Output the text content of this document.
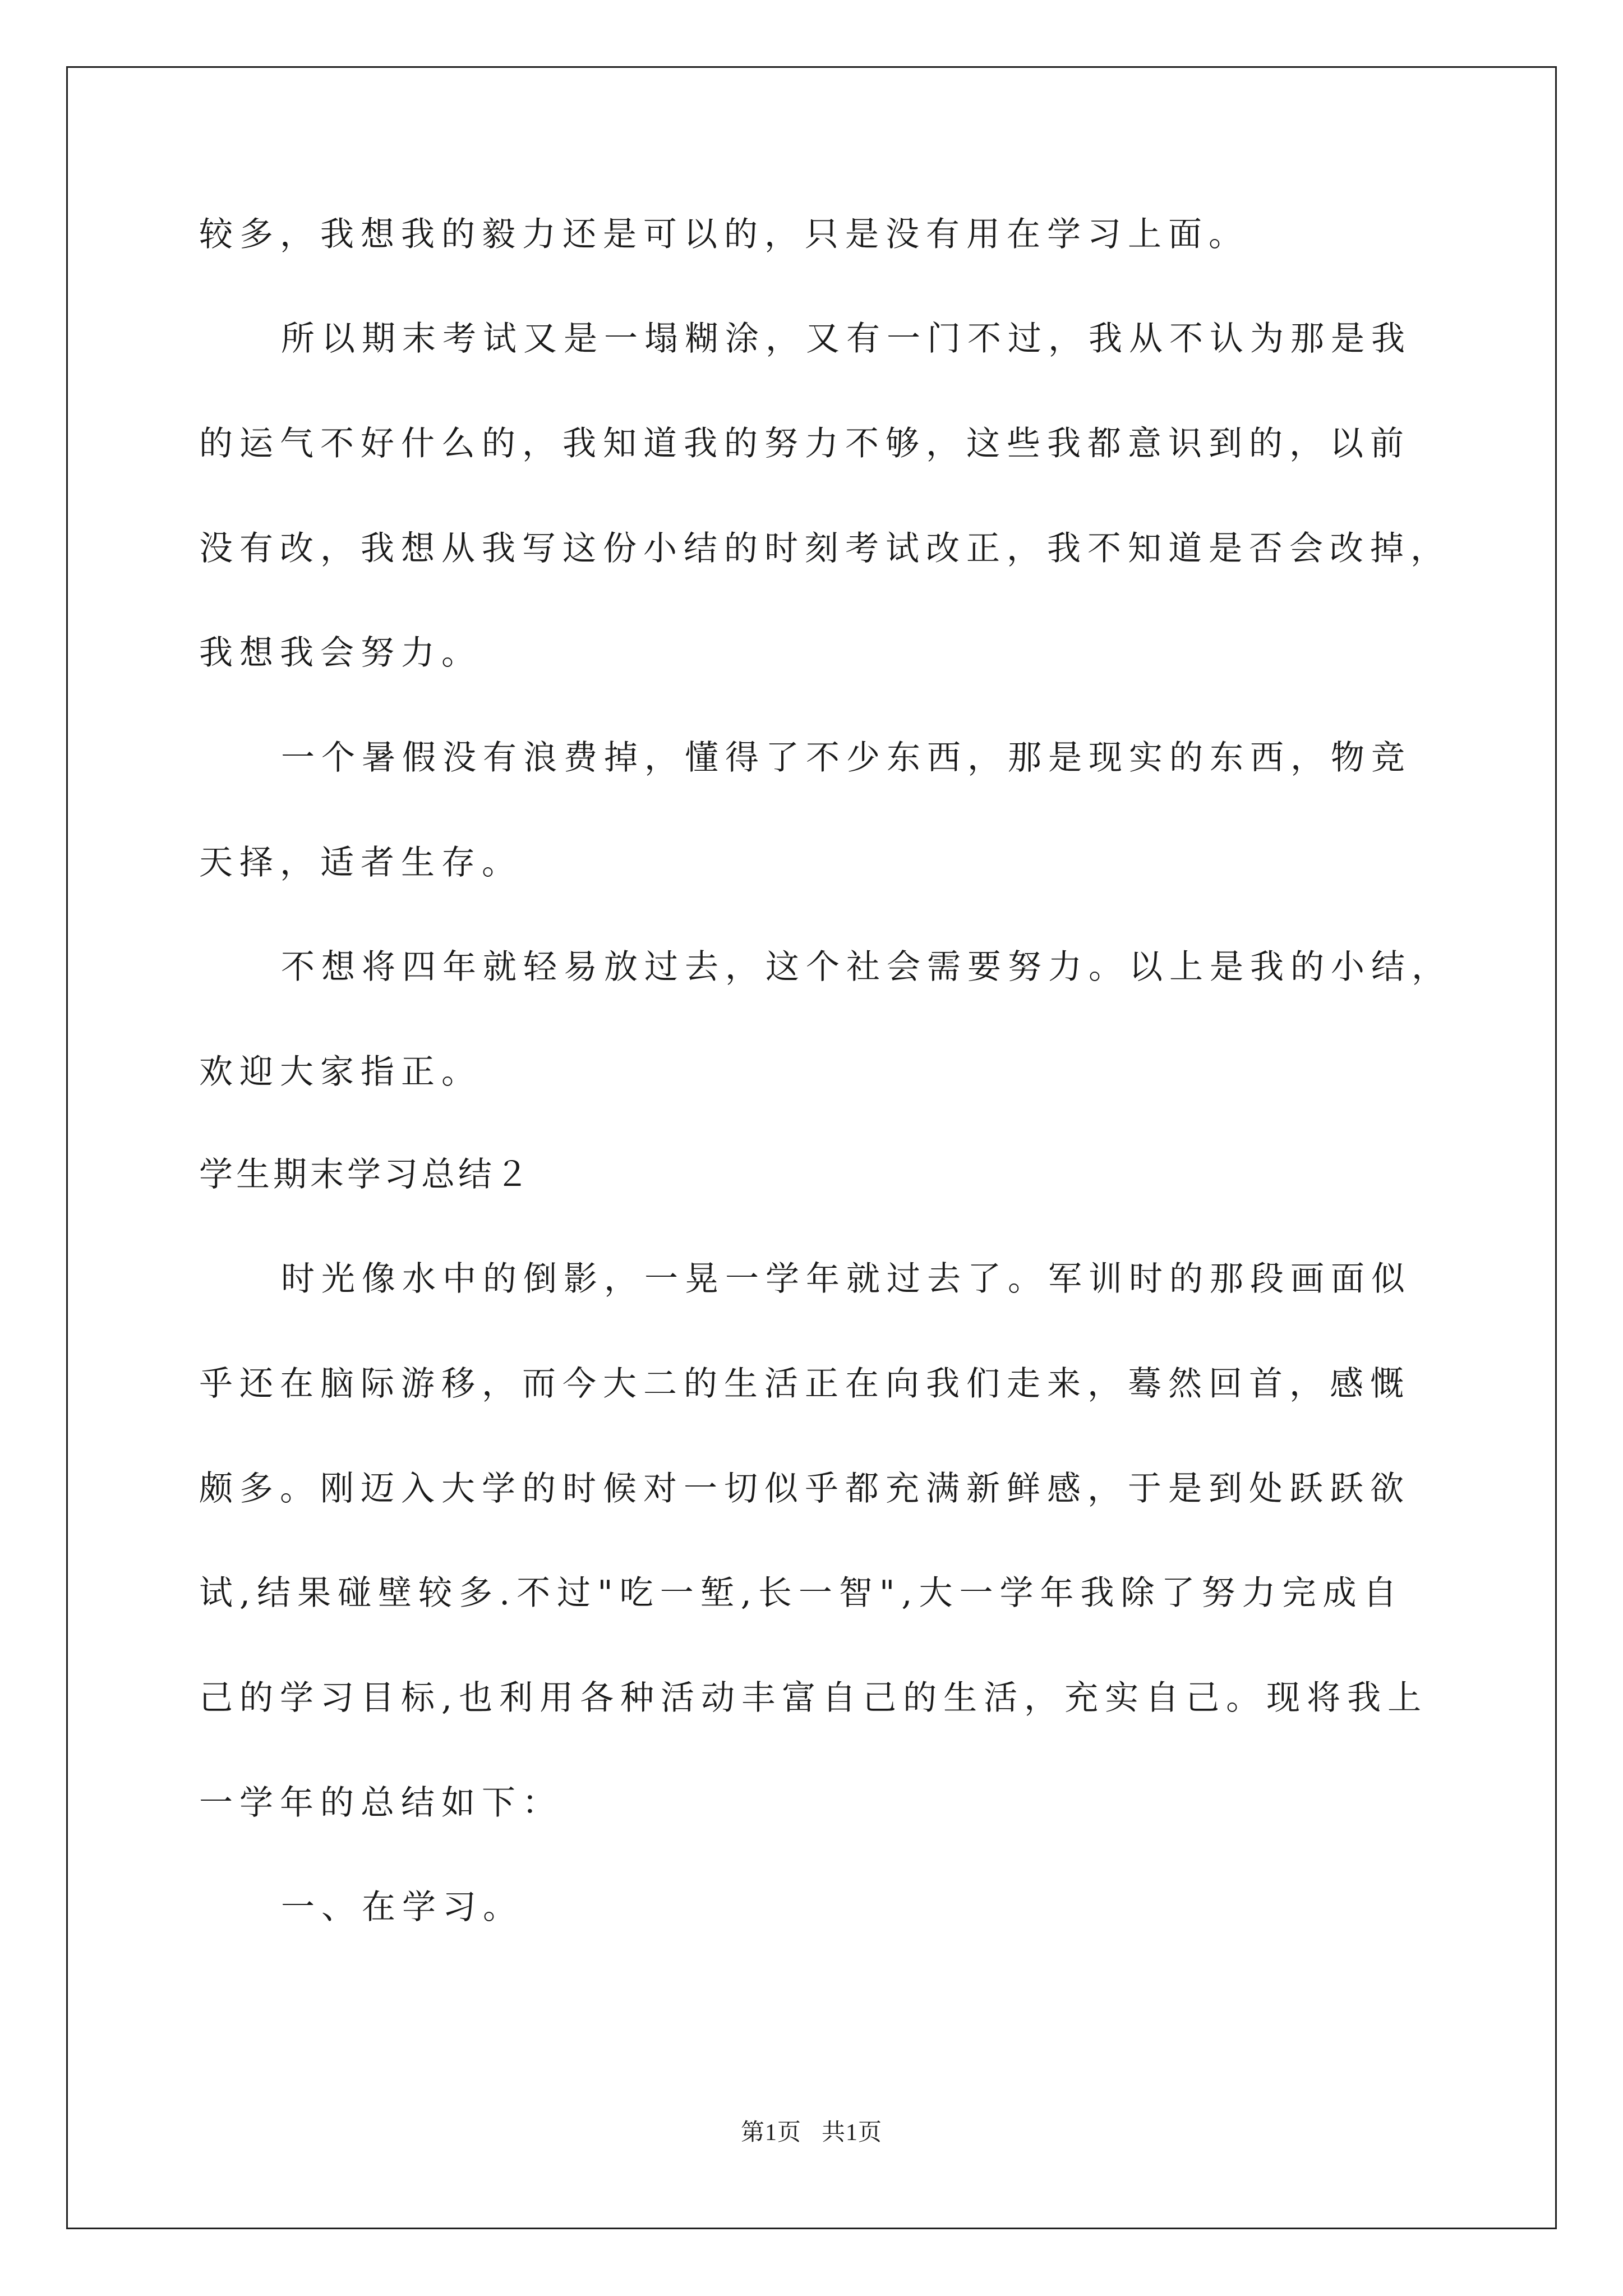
较多，我想我的毅力还是可以的，只是没有用在学习上面。
所以期末考试又是一塌糊涂，又有一门不过，我从不认为那是我
的运气不好什么的，我知道我的努力不够，这些我都意识到的，以前
没有改，我想从我写这份小结的时刻考试改正，我不知道是否会改掉，
我想我会努力。
一个暑假没有浪费掉，懂得了不少东西，那是现实的东西，物竞
天择，适者生存。
不想将四年就轻易放过去，这个社会需要努力。以上是我的小结，
欢迎大家指正。
学生期末学习总结２
时光像水中的倒影，一晃一学年就过去了。军训时的那段画面似
乎还在脑际游移，而今大二的生活正在向我们走来，蓦然回首，感慨
颇多。刚迈入大学的时候对一切似乎都充满新鲜感，于是到处跃跃欲
试,结果碰壁较多.不过"吃一堑,长一智",大一学年我除了努力完成自
己的学习目标,也利用各种活动丰富自己的生活，充实自己。现将我上
一学年的总结如下：
一、在学习。
第1页 共1页
